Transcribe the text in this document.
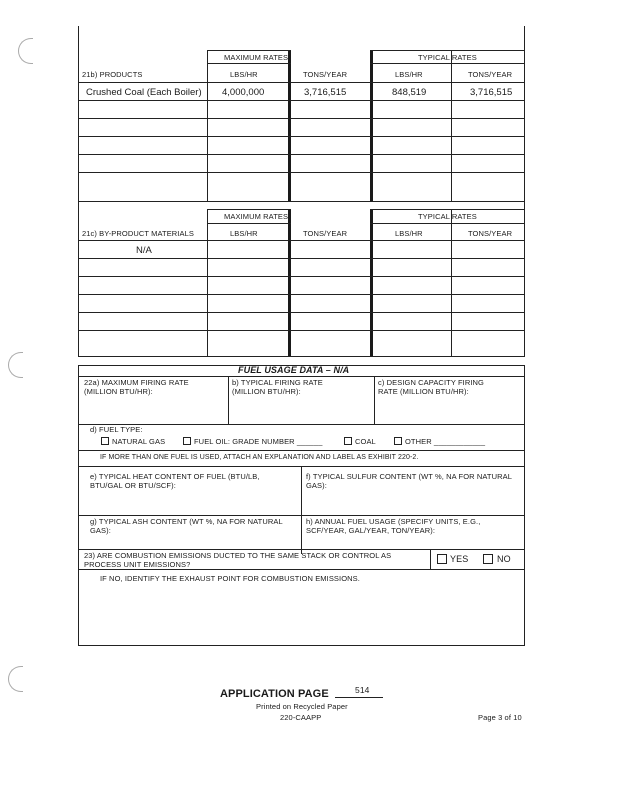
MAXIMUM RATES	TYPICAL RATES
21b) PRODUCTS	LBS/HR	TONS/YEAR	LBS/HR	TONS/YEAR
Crushed Coal (Each Boiler) 4,000,000	3,716,515	848,519	3,716,515
MAXIMUM RATES	TYPICAL RATES
21c) BY-PRODUCT MATERIALS	LBS/HR	TONS/YEAR	LBS/HR	TONS/YEAR
N/A
FUEL USAGE DATA – N/A
22a) MAXIMUM FIRING RATE
(MILLION BTU/HR):
b) TYPICAL FIRING RATE
(MILLION BTU/HR):
c) DESIGN CAPACITY FIRING
RATE (MILLION BTU/HR):
d) FUEL TYPE:
NATURAL GAS	FUEL OIL: GRADE NUMBER ______	COAL	OTHER ____________
IF MORE THAN ONE FUEL IS USED, ATTACH AN EXPLANATION AND LABEL AS EXHIBIT 220-2.
e) TYPICAL HEAT CONTENT OF FUEL (BTU/LB,
BTU/GAL OR BTU/SCF):
f) TYPICAL SULFUR CONTENT (WT %, NA FOR NATURAL
GAS):
g) TYPICAL ASH CONTENT (WT %, NA FOR NATURAL
GAS):
h) ANNUAL FUEL USAGE (SPECIFY UNITS, E.G.,
SCF/YEAR, GAL/YEAR, TON/YEAR):
23) ARE COMBUSTION EMISSIONS DUCTED TO THE SAME STACK OR CONTROL AS
PROCESS UNIT EMISSIONS?
YES	NO
IF NO, IDENTIFY THE EXHAUST POINT FOR COMBUSTION EMISSIONS.
APPLICATION PAGE	514
Printed on Recycled Paper
220-CAAPP	Page 3 of 10
